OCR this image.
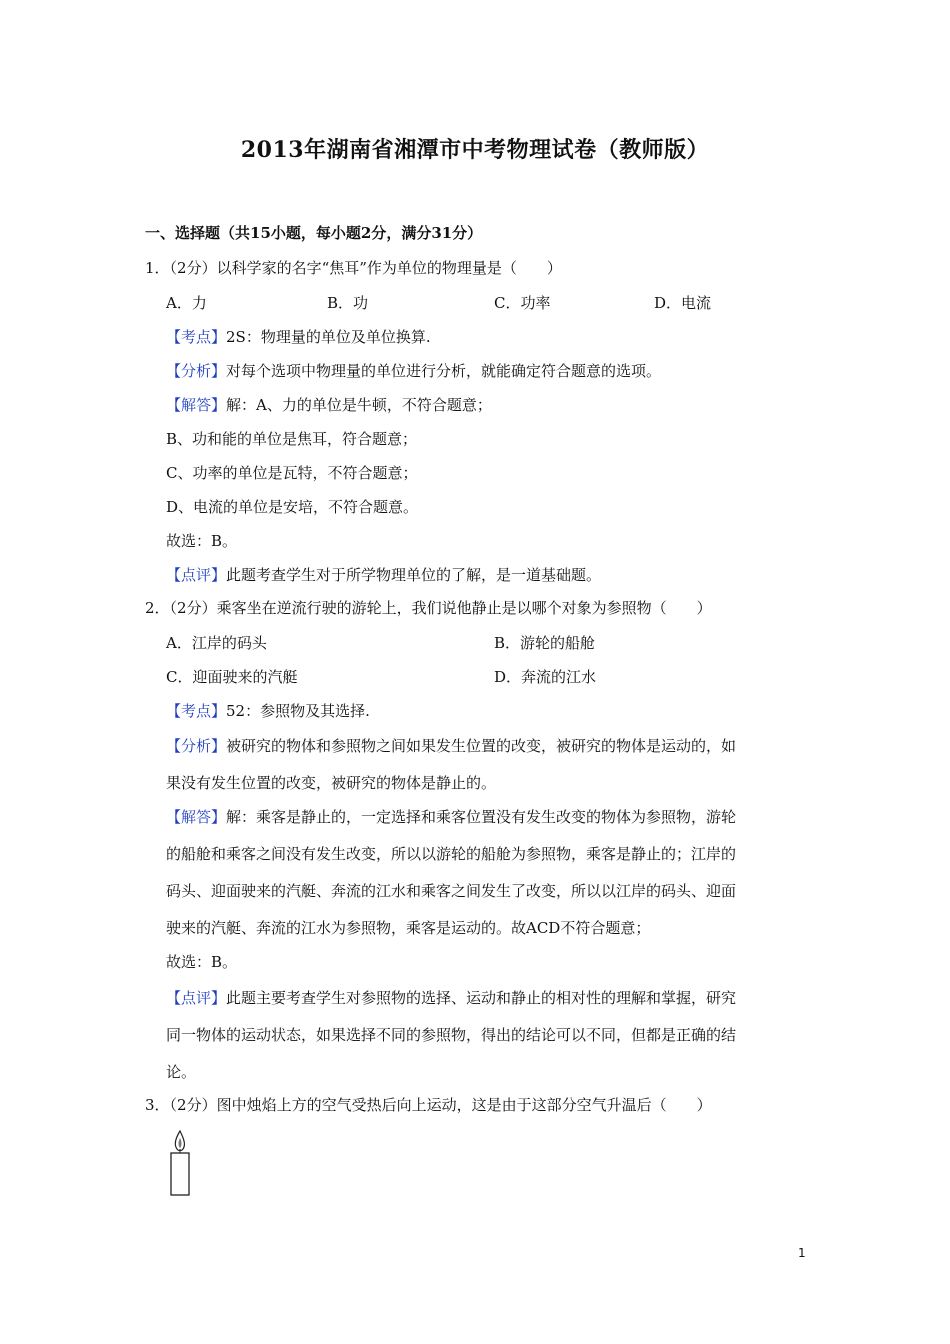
2013年湖南省湘潭市中考物理试卷（教师版）
一、选择题（共15小题，每小题2分，满分31分）
1．（2分）以科学家的名字“焦耳”作为单位的物理量是（　　）
A．力	B．功	C．功率	D．电流
【考点】2S：物理量的单位及单位换算.
【分析】对每个选项中物理量的单位进行分析，就能确定符合题意的选项。
【解答】解：A、力的单位是牛顿，不符合题意；
B、功和能的单位是焦耳，符合题意；
C、功率的单位是瓦特，不符合题意；
D、电流的单位是安培，不符合题意。
故选：B。
【点评】此题考查学生对于所学物理单位的了解，是一道基础题。
2．（2分）乘客坐在逆流行驶的游轮上，我们说他静止是以哪个对象为参照物（　　）
A．江岸的码头	B．游轮的船舱
C．迎面驶来的汽艇	D．奔流的江水
【考点】52：参照物及其选择.
【分析】被研究的物体和参照物之间如果发生位置的改变，被研究的物体是运动的，如
果没有发生位置的改变，被研究的物体是静止的。
【解答】解：乘客是静止的，一定选择和乘客位置没有发生改变的物体为参照物，游轮
的船舱和乘客之间没有发生改变，所以以游轮的船舱为参照物，乘客是静止的；江岸的
码头、迎面驶来的汽艇、奔流的江水和乘客之间发生了改变，所以以江岸的码头、迎面
驶来的汽艇、奔流的江水为参照物，乘客是运动的。故ACD不符合题意；
故选：B。
【点评】此题主要考查学生对参照物的选择、运动和静止的相对性的理解和掌握，研究
同一物体的运动状态，如果选择不同的参照物，得出的结论可以不同，但都是正确的结
论。
3．（2分）图中烛焰上方的空气受热后向上运动，这是由于这部分空气升温后（　　）
1
